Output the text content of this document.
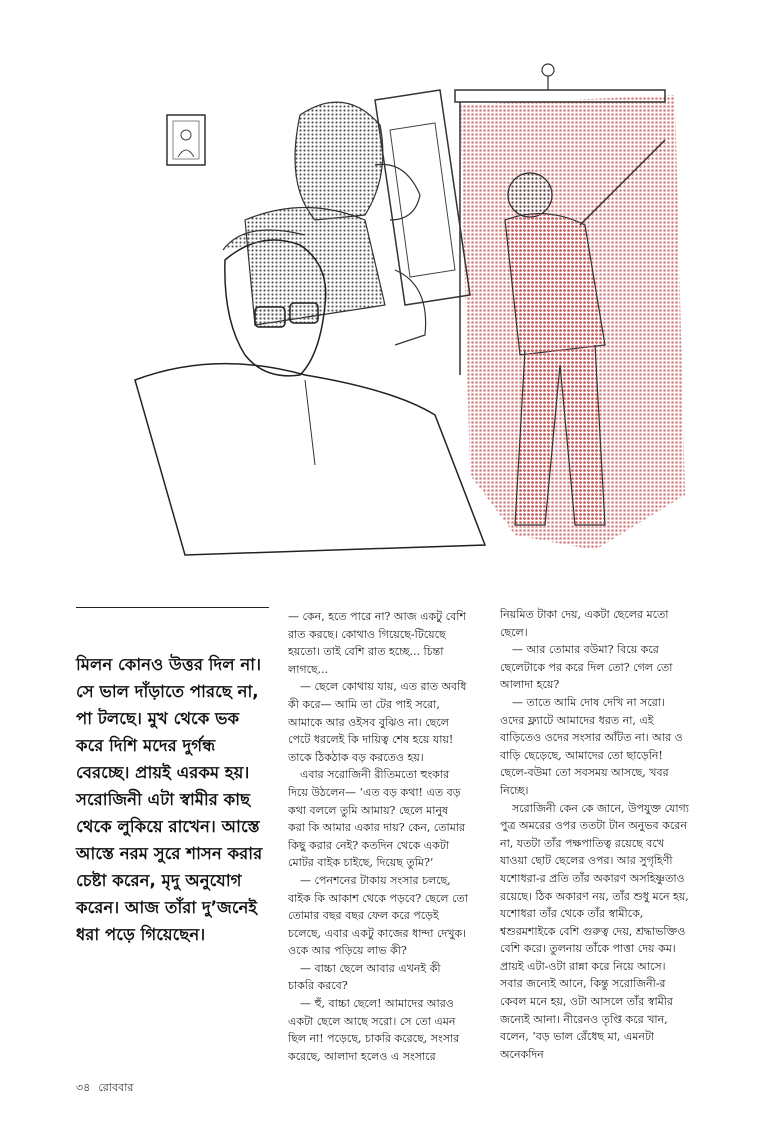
মিলন কোনও উত্তর দিল না। সে ভাল দাঁড়াতে পারছে না, পা টলছে। মুখ থেকে ভক করে দিশি মদের দুর্গন্ধ বেরচ্ছে। প্রায়ই এরকম হয়। সরোজিনী এটা স্বামীর কাছ থেকে লুকিয়ে রাখেন। আস্তে আস্তে নরম সুরে শাসন করার চেষ্টা করেন, মৃদু অনুযোগ করেন। আজ তাঁরা দু’জনেই ধরা পড়ে গিয়েছেন।

— কেন, হতে পারে না? আজ একটু বেশি রাত করছে। কোথাও গিয়েছে-টিয়েছে হয়তো। তাই বেশি রাত হচ্ছে... চিন্তা লাগছে...

— ছেলে কোথায় যায়, এত রাত অবধি কী করে— আমি তা টের পাই সরো, আমাকে আর ওইসব বুঝিও না। ছেলে পেটে ধরলেই কি দায়িত্ব শেষ হয়ে যায়! তাকে ঠিকঠাক বড় করতেও হয়।

এবার সরোজিনী রীতিমতো হুংকার দিয়ে উঠলেন— ‘এত বড় কথা! এত বড় কথা বললে তুমি আমায়? ছেলে মানুষ করা কি আমার একার দায়? কেন, তোমার কিছু করার নেই? কতদিন থেকে একটা মোটর বাইক চাইছে, দিয়েছ তুমি?’

— পেনশনের টাকায় সংসার চলছে, বাইক কি আকাশ থেকে পড়বে? ছেলে তো তোমার বছর বছর ফেল করে পড়েই চলেছে, এবার একটু কাজের ধান্দা দেখুক। ওকে আর পড়িয়ে লাভ কী?

— বাচ্চা ছেলে আবার এখনই কী চাকরি করবে?

— হুঁ, বাচ্চা ছেলে! আমাদের আরও একটা ছেলে আছে সরো। সে তো এমন ছিল না! পড়েছে, চাকরি করেছে, সংসার করেছে, আলাদা হলেও এ সংসারে

নিয়মিত টাকা দেয়, একটা ছেলের মতো ছেলে।

— আর তোমার বউমা? বিয়ে করে ছেলেটাকে পর করে দিল তো? গেল তো আলাদা হয়ে?

— তাতে আমি দোষ দেখি না সরো। ওদের ফ্ল্যাটে আমাদের ধরত না, এই বাড়িতেও ওদের সংসার আঁটত না। আর ও বাড়ি ছেড়েছে, আমাদের তো ছাড়েনি! ছেলে-বউমা তো সবসময় আসছে, খবর নিচ্ছে।

সরোজিনী কেন কে জানে, উপযুক্ত যোগ্য পুত্র অমরের ওপর ততটা টান অনুভব করেন না, যতটা তাঁর পক্ষপাতিত্ব রয়েছে বখে যাওয়া ছোট ছেলের ওপর। আর সুগৃহিণী যশোধরা-র প্রতি তাঁর অকারণ অসহিষ্ণুতাও রয়েছে। ঠিক অকারণ নয়, তাঁর শুধু মনে হয়, যশোধরা তাঁর থেকে তাঁর স্বামীকে, শ্বশুরমশাইকে বেশি গুরুত্ব দেয়, শ্রদ্ধাভক্তিও বেশি করে। তুলনায় তাঁকে পাত্তা দেয় কম। প্রায়ই এটা-ওটা রান্না করে নিয়ে আসে। সবার জন্যেই আনে, কিন্তু সরোজিনী-র কেবল মনে হয়, ওটা আসলে তাঁর স্বামীর জন্যেই আনা। নীরেনও তৃপ্তি করে খান, বলেন, ‘বড় ভাল রেঁধেছ মা, এমনটা অনেকদিন

৩৪ রোববার
